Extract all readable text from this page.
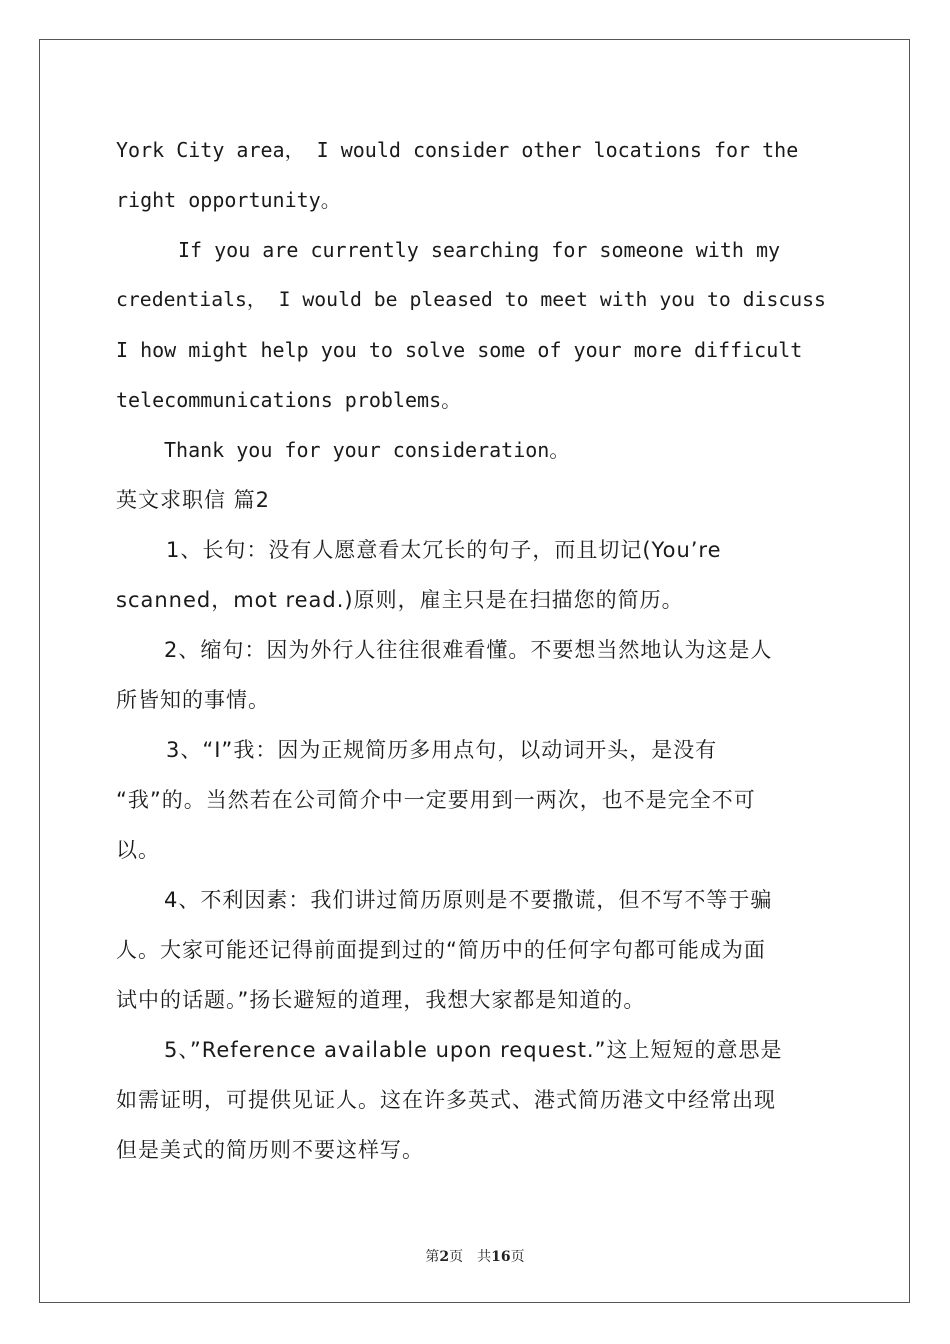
York City area， I would consider other locations for the
right opportunity。
If you are currently searching for someone with my
credentials， I would be pleased to meet with you to discuss
I how might help you to solve some of your more difficult
telecommunications problems。
Thank you for your consideration。
英文求职信 篇2
1、长句：没有人愿意看太冗长的句子，而且切记(You’re
scanned，mot read.)原则，雇主只是在扫描您的简历。
2、缩句：因为外行人往往很难看懂。不要想当然地认为这是人
所皆知的事情。
3、“I”我：因为正规简历多用点句，以动词开头，是没有
“我”的。当然若在公司简介中一定要用到一两次，也不是完全不可
以。
4、不利因素：我们讲过简历原则是不要撒谎，但不写不等于骗
人。大家可能还记得前面提到过的“简历中的任何字句都可能成为面
试中的话题。”扬长避短的道理，我想大家都是知道的。
5、”Reference available upon request.”这上短短的意思是
如需证明，可提供见证人。这在许多英式、港式简历港文中经常出现
但是美式的简历则不要这样写。
第2页　共16页
